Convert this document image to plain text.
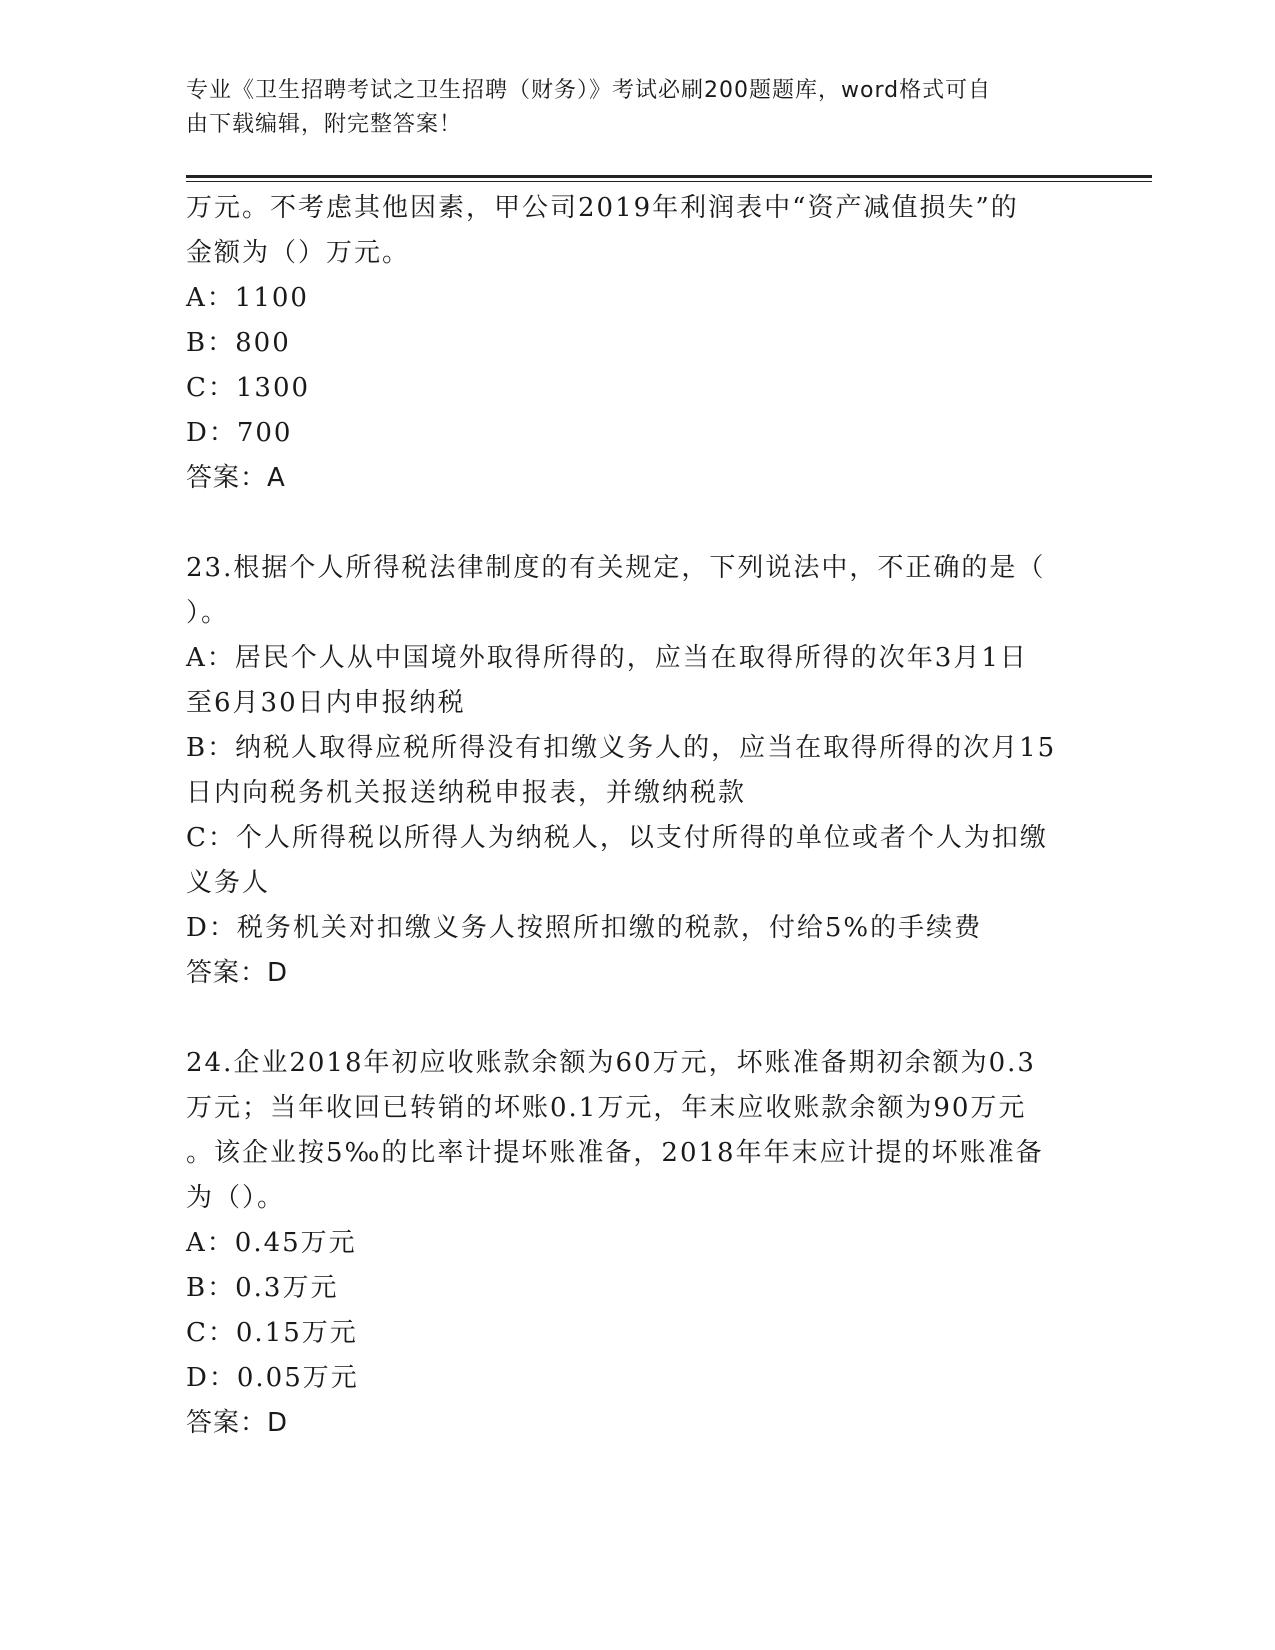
专业《卫生招聘考试之卫生招聘（财务）》考试必刷200题题库，word格式可自
由下载编辑，附完整答案！
万元。不考虑其他因素，甲公司2019年利润表中“资产减值损失”的
金额为（）万元。
A：1100
B：800
C：1300
D：700
答案：A
23.根据个人所得税法律制度的有关规定，下列说法中，不正确的是（
）。
A：居民个人从中国境外取得所得的，应当在取得所得的次年3月1日
至6月30日内申报纳税
B：纳税人取得应税所得没有扣缴义务人的，应当在取得所得的次月15
日内向税务机关报送纳税申报表，并缴纳税款
C：个人所得税以所得人为纳税人，以支付所得的单位或者个人为扣缴
义务人
D：税务机关对扣缴义务人按照所扣缴的税款，付给5%的手续费
答案：D
24.企业2018年初应收账款余额为60万元，坏账准备期初余额为0.3
万元；当年收回已转销的坏账0.1万元，年末应收账款余额为90万元
。该企业按5‰的比率计提坏账准备，2018年年末应计提的坏账准备
为（）。
A：0.45万元
B：0.3万元
C：0.15万元
D：0.05万元
答案：D
